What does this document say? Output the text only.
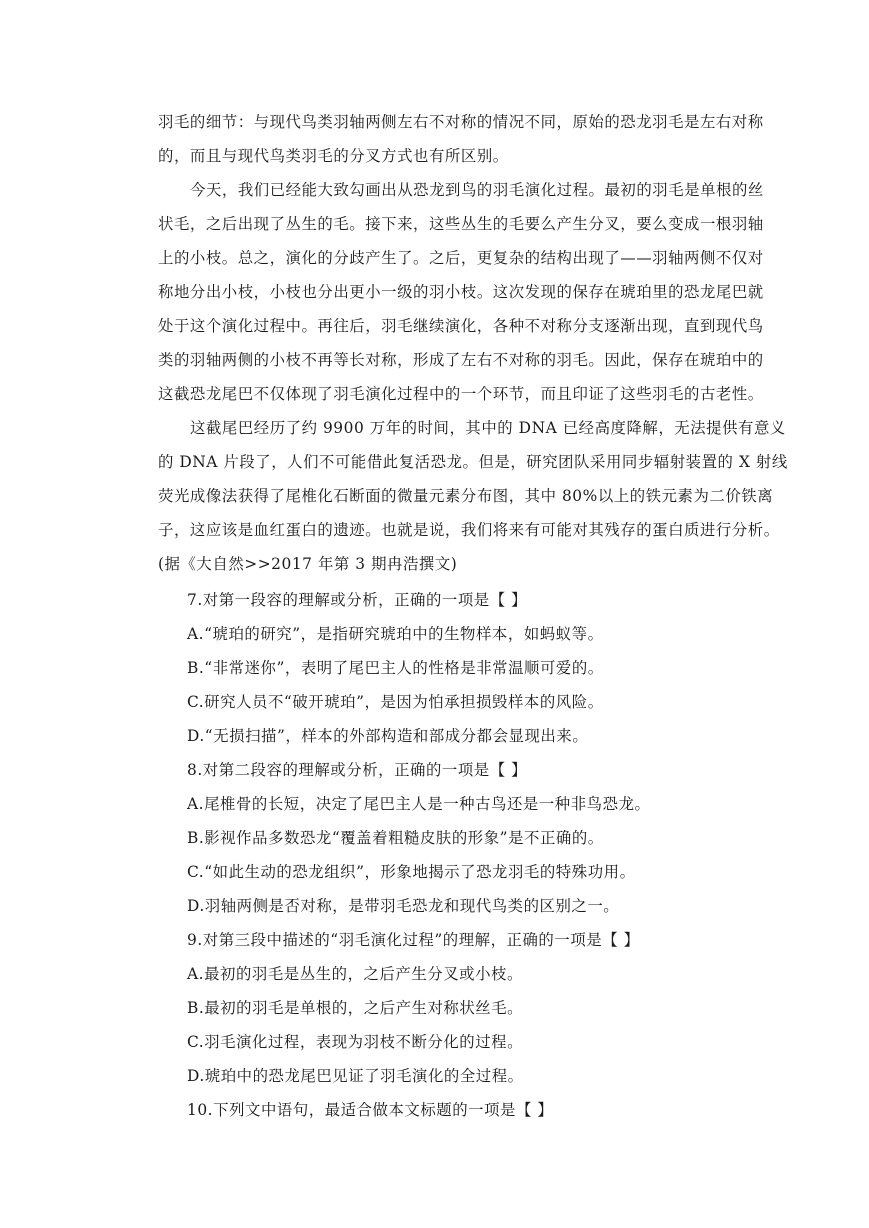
羽毛的细节：与现代鸟类羽轴两侧左右不对称的情况不同，原始的恐龙羽毛是左右对称
的，而且与现代鸟类羽毛的分叉方式也有所区别。
今天，我们已经能大致勾画出从恐龙到鸟的羽毛演化过程。最初的羽毛是单根的丝
状毛，之后出现了丛生的毛。接下来，这些丛生的毛要么产生分叉，要么变成一根羽轴
上的小枝。总之，演化的分歧产生了。之后，更复杂的结构出现了——羽轴两侧不仅对
称地分出小枝，小枝也分出更小一级的羽小枝。这次发现的保存在琥珀里的恐龙尾巴就
处于这个演化过程中。再往后，羽毛继续演化，各种不对称分支逐渐出现，直到现代鸟
类的羽轴两侧的小枝不再等长对称，形成了左右不对称的羽毛。因此，保存在琥珀中的
这截恐龙尾巴不仅体现了羽毛演化过程中的一个环节，而且印证了这些羽毛的古老性。
这截尾巴经历了约 9900 万年的时间，其中的 DNA 已经高度降解，无法提供有意义
的 DNA 片段了，人们不可能借此复活恐龙。但是，研究团队采用同步辐射装置的 X 射线
荧光成像法获得了尾椎化石断面的微量元素分布图，其中 80%以上的铁元素为二价铁离
子，这应该是血红蛋白的遗迹。也就是说，我们将来有可能对其残存的蛋白质进行分析。
(据《大自然>>2017 年第 3 期冉浩撰文)
7.对第一段容的理解或分析，正确的一项是【 】
A.“琥珀的研究”，是指研究琥珀中的生物样本，如蚂蚁等。
B.“非常迷你”，表明了尾巴主人的性格是非常温顺可爱的。
C.研究人员不“破开琥珀”，是因为怕承担损毁样本的风险。
D.“无损扫描”，样本的外部构造和部成分都会显现出来。
8.对第二段容的理解或分析，正确的一项是【 】
A.尾椎骨的长短，决定了尾巴主人是一种古鸟还是一种非鸟恐龙。
B.影视作品多数恐龙“覆盖着粗糙皮肤的形象”是不正确的。
C.“如此生动的恐龙组织”，形象地揭示了恐龙羽毛的特殊功用。
D.羽轴两侧是否对称，是带羽毛恐龙和现代鸟类的区别之一。
9.对第三段中描述的“羽毛演化过程”的理解，正确的一项是【 】
A.最初的羽毛是丛生的，之后产生分叉或小枝。
B.最初的羽毛是单根的，之后产生对称状丝毛。
C.羽毛演化过程，表现为羽枝不断分化的过程。
D.琥珀中的恐龙尾巴见证了羽毛演化的全过程。
10.下列文中语句，最适合做本文标题的一项是【 】
